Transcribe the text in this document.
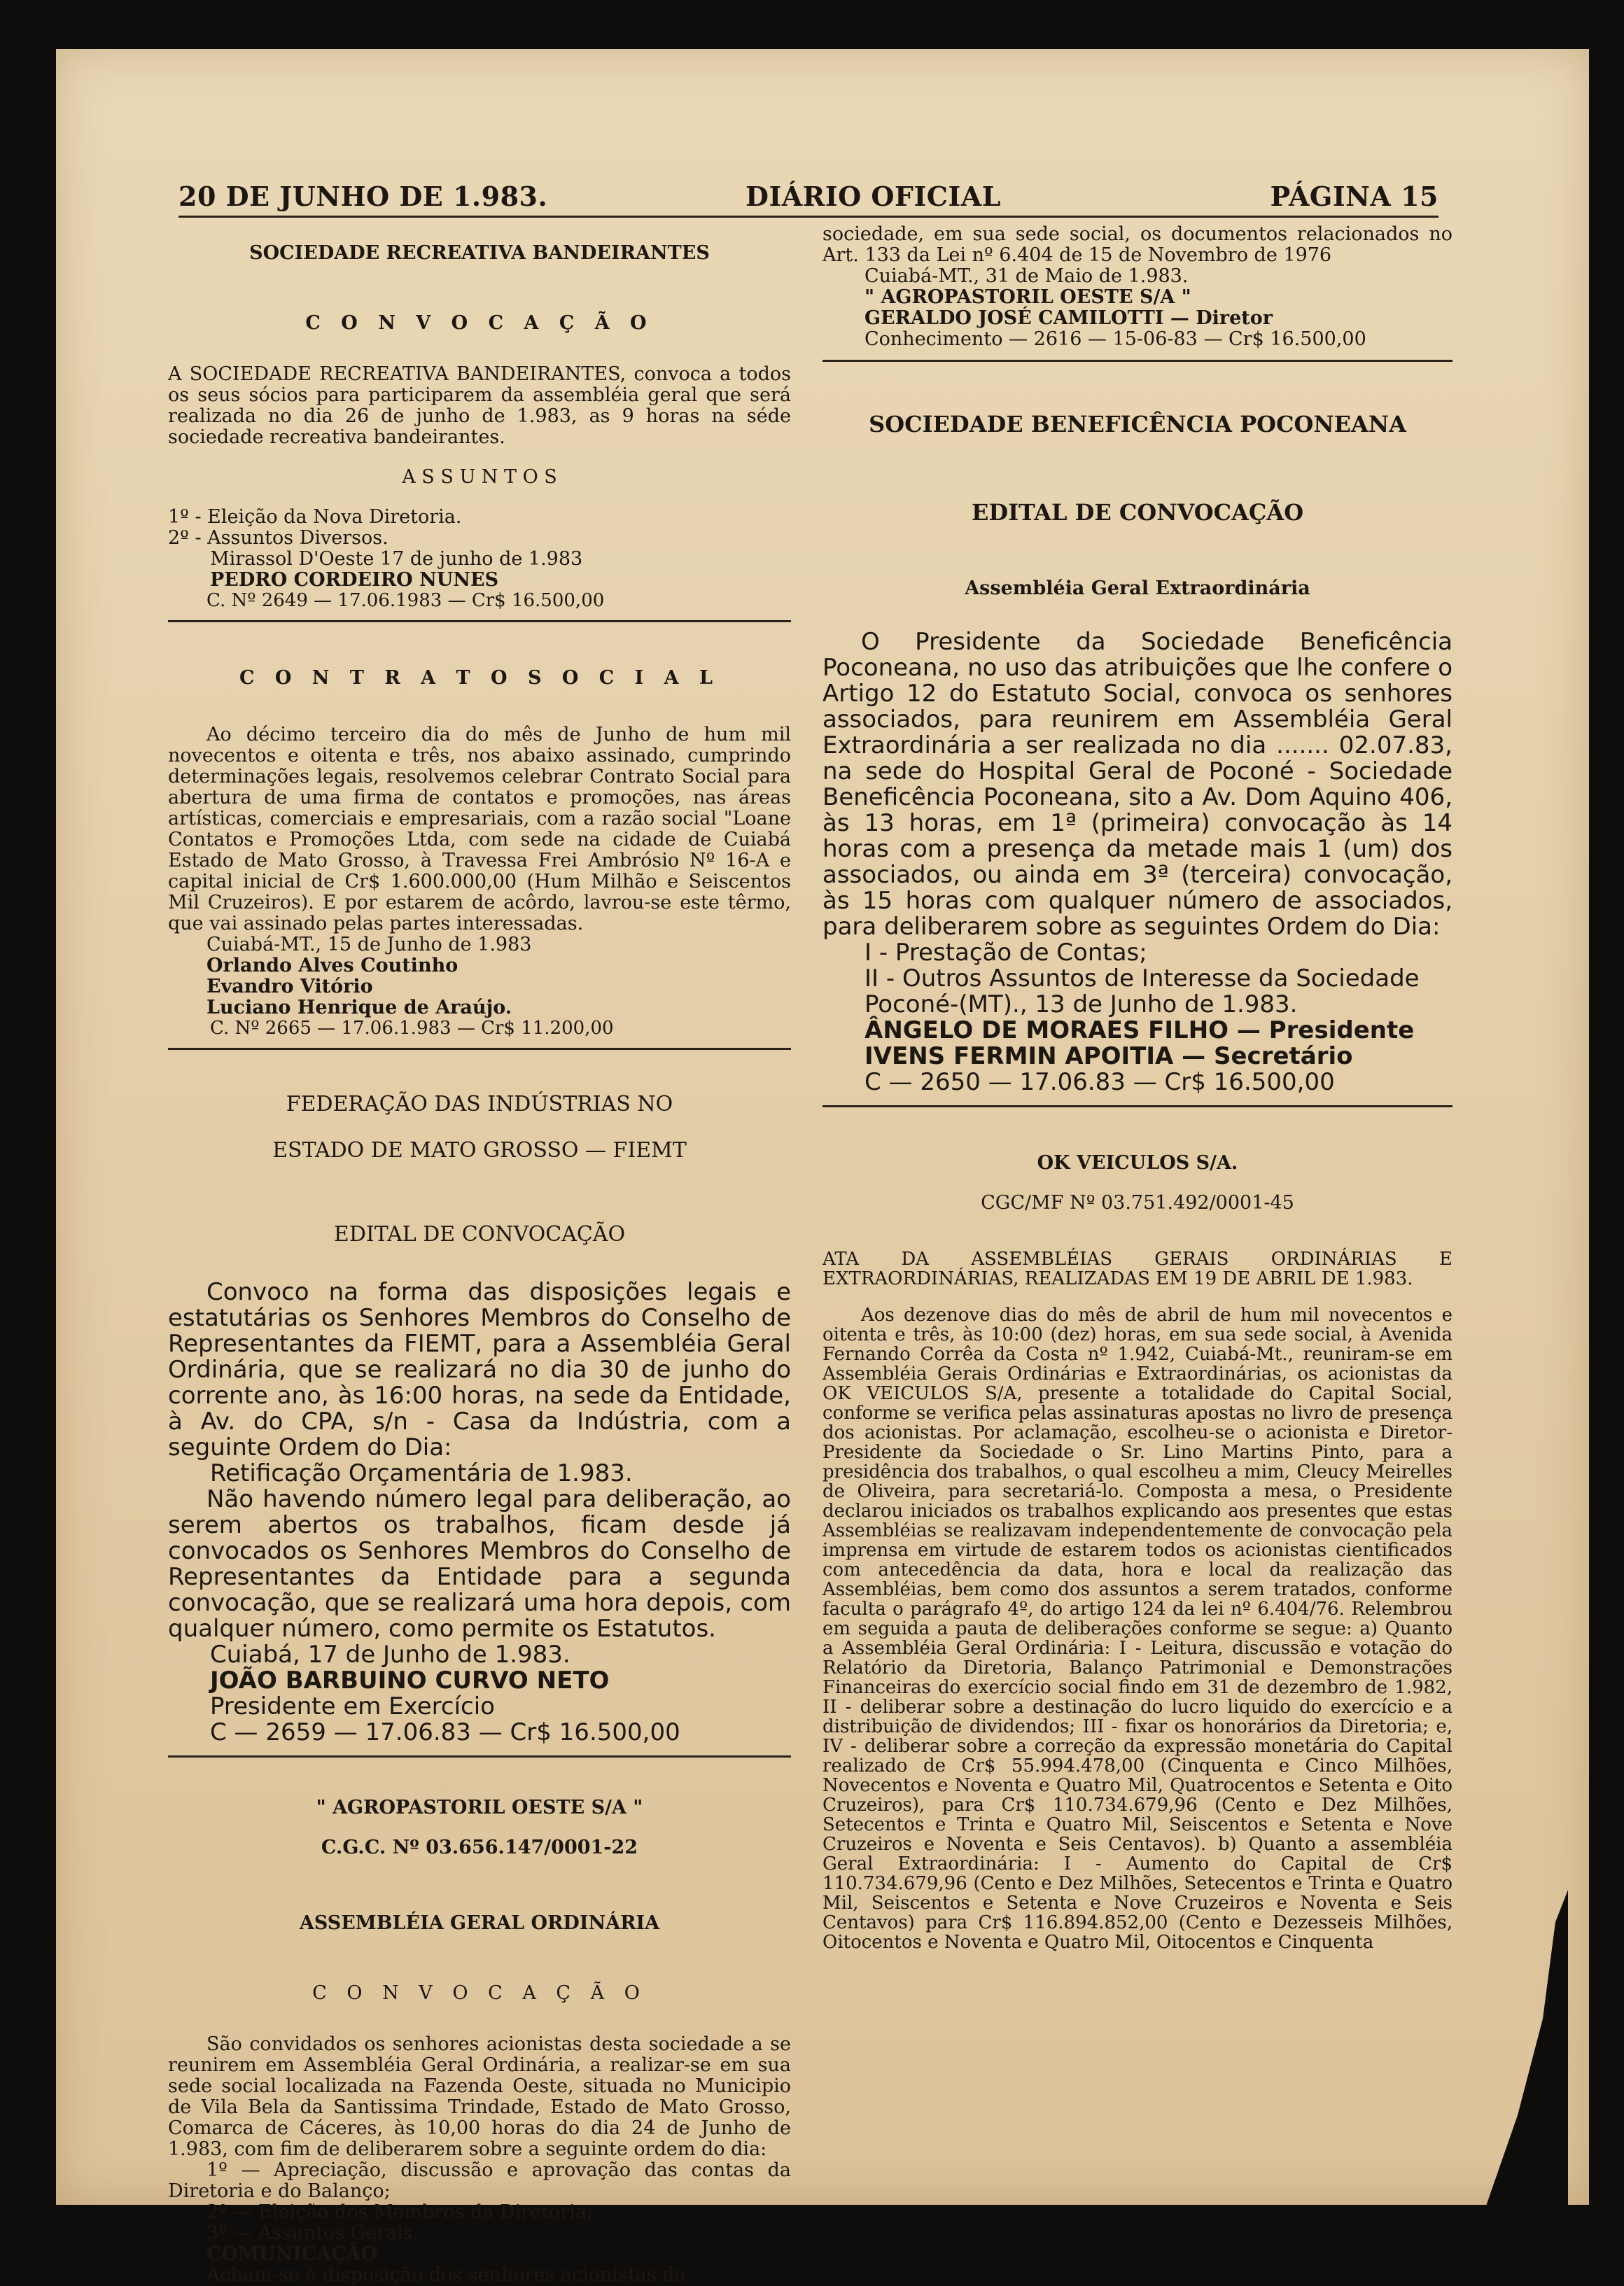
20 DE JUNHO DE 1.983.	DIÁRIO OFICIAL	PÁGINA 15

SOCIEDADE RECREATIVA BANDEIRANTES

C O N V O C A Ç Ã O

A SOCIEDADE RECREATIVA BANDEIRANTES, convoca a todos os seus sócios para participarem da assembléia geral que será realizada no dia 26 de junho de 1.983, as 9 horas na séde sociedade recreativa bandeirantes.

A S S U N T O S

1º - Eleição da Nova Diretoria.

2º - Assuntos Diversos.

Mirassol D'Oeste 17 de junho de 1.983

PEDRO CORDEIRO NUNES

C. Nº 2649 — 17.06.1983 — Cr$ 16.500,00

C O N T R A T O S O C I A L

Ao décimo terceiro dia do mês de Junho de hum mil novecentos e oitenta e três, nos abaixo assinado, cumprindo determinações legais, resolvemos celebrar Contrato Social para abertura de uma firma de contatos e promoções, nas áreas artísticas, comerciais e empresariais, com a razão social "Loane Contatos e Promoções Ltda, com sede na cidade de Cuiabá Estado de Mato Grosso, à Travessa Frei Ambrósio Nº 16-A e capital inicial de Cr$ 1.600.000,00 (Hum Milhão e Seiscentos Mil Cruzeiros). E por estarem de acôrdo, lavrou-se este têrmo, que vai assinado pelas partes interessadas.

Cuiabá-MT., 15 de Junho de 1.983

Orlando Alves Coutinho

Evandro Vitório

Luciano Henrique de Araújo.

C. Nº 2665 — 17.06.1.983 — Cr$ 11.200,00

FEDERAÇÃO DAS INDÚSTRIAS NO

ESTADO DE MATO GROSSO — FIEMT

EDITAL DE CONVOCAÇÃO

Convoco na forma das disposições legais e estatutárias os Senhores Membros do Conselho de Representantes da FIEMT, para a Assembléia Geral Ordinária, que se realizará no dia 30 de junho do corrente ano, às 16:00 horas, na sede da Entidade, à Av. do CPA, s/n - Casa da Indústria, com a seguinte Ordem do Dia:

Retificação Orçamentária de 1.983.

Não havendo número legal para deliberação, ao serem abertos os trabalhos, ficam desde já convocados os Senhores Membros do Conselho de Representantes da Entidade para a segunda convocação, que se realizará uma hora depois, com qualquer número, como permite os Estatutos.

Cuiabá, 17 de Junho de 1.983.

JOÃO BARBUINO CURVO NETO

Presidente em Exercício

C — 2659 — 17.06.83 — Cr$ 16.500,00

" AGROPASTORIL OESTE S/A "

C.G.C. Nº 03.656.147/0001-22

ASSEMBLÉIA GERAL ORDINÁRIA

C O N V O C A Ç Ã O

São convidados os senhores acionistas desta sociedade a se reunirem em Assembléia Geral Ordinária, a realizar-se em sua sede social localizada na Fazenda Oeste, situada no Municipio de Vila Bela da Santissima Trindade, Estado de Mato Grosso, Comarca de Cáceres, às 10,00 horas do dia 24 de Junho de 1.983, com fim de deliberarem sobre a seguinte ordem do dia:

1º — Apreciação, discussão e aprovação das contas da Diretoria e do Balanço;

2º — Eleição dos Membros da Diretoria;

3º — Assuntos Gerais.

COMUNICAÇÃO

Acham-se à disposição dos senhores acionistas da

sociedade, em sua sede social, os documentos relacionados no Art. 133 da Lei nº 6.404 de 15 de Novembro de 1976

Cuiabá-MT., 31 de Maio de 1.983.

" AGROPASTORIL OESTE S/A "

GERALDO JOSÉ CAMILOTTI — Diretor

Conhecimento — 2616 — 15-06-83 — Cr$ 16.500,00

SOCIEDADE BENEFICÊNCIA POCONEANA

EDITAL DE CONVOCAÇÃO

Assembléia Geral Extraordinária

O Presidente da Sociedade Beneficência Poconeana, no uso das atribuições que lhe confere o Artigo 12 do Estatuto Social, convoca os senhores associados, para reunirem em Assembléia Geral Extraordinária a ser realizada no dia ....... 02.07.83, na sede do Hospital Geral de Poconé - Sociedade Beneficência Poconeana, sito a Av. Dom Aquino 406, às 13 horas, em 1ª (primeira) convocação às 14 horas com a presença da metade mais 1 (um) dos associados, ou ainda em 3ª (terceira) convocação, às 15 horas com qualquer número de associados, para deliberarem sobre as seguintes Ordem do Dia:

I - Prestação de Contas;

II - Outros Assuntos de Interesse da Sociedade

Poconé-(MT)., 13 de Junho de 1.983.

ÂNGELO DE MORAES FILHO — Presidente

IVENS FERMIN APOITIA — Secretário

C — 2650 — 17.06.83 — Cr$ 16.500,00

OK VEICULOS S/A.

CGC/MF Nº 03.751.492/0001-45

ATA DA ASSEMBLÉIAS GERAIS ORDINÁRIAS E EXTRAORDINÁRIAS, REALIZADAS EM 19 DE ABRIL DE 1.983.

Aos dezenove dias do mês de abril de hum mil novecentos e oitenta e três, às 10:00 (dez) horas, em sua sede social, à Avenida Fernando Corrêa da Costa nº 1.942, Cuiabá-Mt., reuniram-se em Assembléia Gerais Ordinárias e Extraordinárias, os acionistas da OK VEICULOS S/A, presente a totalidade do Capital Social, conforme se verifica pelas assinaturas apostas no livro de presença dos acionistas. Por aclamação, escolheu-se o acionista e Diretor-Presidente da Sociedade o Sr. Lino Martins Pinto, para a presidência dos trabalhos, o qual escolheu a mim, Cleucy Meirelles de Oliveira, para secretariá-lo. Composta a mesa, o Presidente declarou iniciados os trabalhos explicando aos presentes que estas Assembléias se realizavam independentemente de convocação pela imprensa em virtude de estarem todos os acionistas cientificados com antecedência da data, hora e local da realização das Assembléias, bem como dos assuntos a serem tratados, conforme faculta o parágrafo 4º, do artigo 124 da lei nº 6.404/76. Relembrou em seguida a pauta de deliberações conforme se segue: a) Quanto a Assembléia Geral Ordinária: I - Leitura, discussão e votação do Relatório da Diretoria, Balanço Patrimonial e Demonstrações Financeiras do exercício social findo em 31 de dezembro de 1.982, II - deliberar sobre a destinação do lucro liquido do exercício e a distribuição de dividendos; III - fixar os honorários da Diretoria; e, IV - deliberar sobre a correção da expressão monetária do Capital realizado de Cr$ 55.994.478,00 (Cinquenta e Cinco Milhões, Novecentos e Noventa e Quatro Mil, Quatrocentos e Setenta e Oito Cruzeiros), para Cr$ 110.734.679,96 (Cento e Dez Milhões, Setecentos e Trinta e Quatro Mil, Seiscentos e Setenta e Nove Cruzeiros e Noventa e Seis Centavos). b) Quanto a assembléia Geral Extraordinária: I - Aumento do Capital de Cr$ 110.734.679,96 (Cento e Dez Milhões, Setecentos e Trinta e Quatro Mil, Seiscentos e Setenta e Nove Cruzeiros e Noventa e Seis Centavos) para Cr$ 116.894.852,00 (Cento e Dezesseis Milhões, Oitocentos e Noventa e Quatro Mil, Oitocentos e Cinquenta
